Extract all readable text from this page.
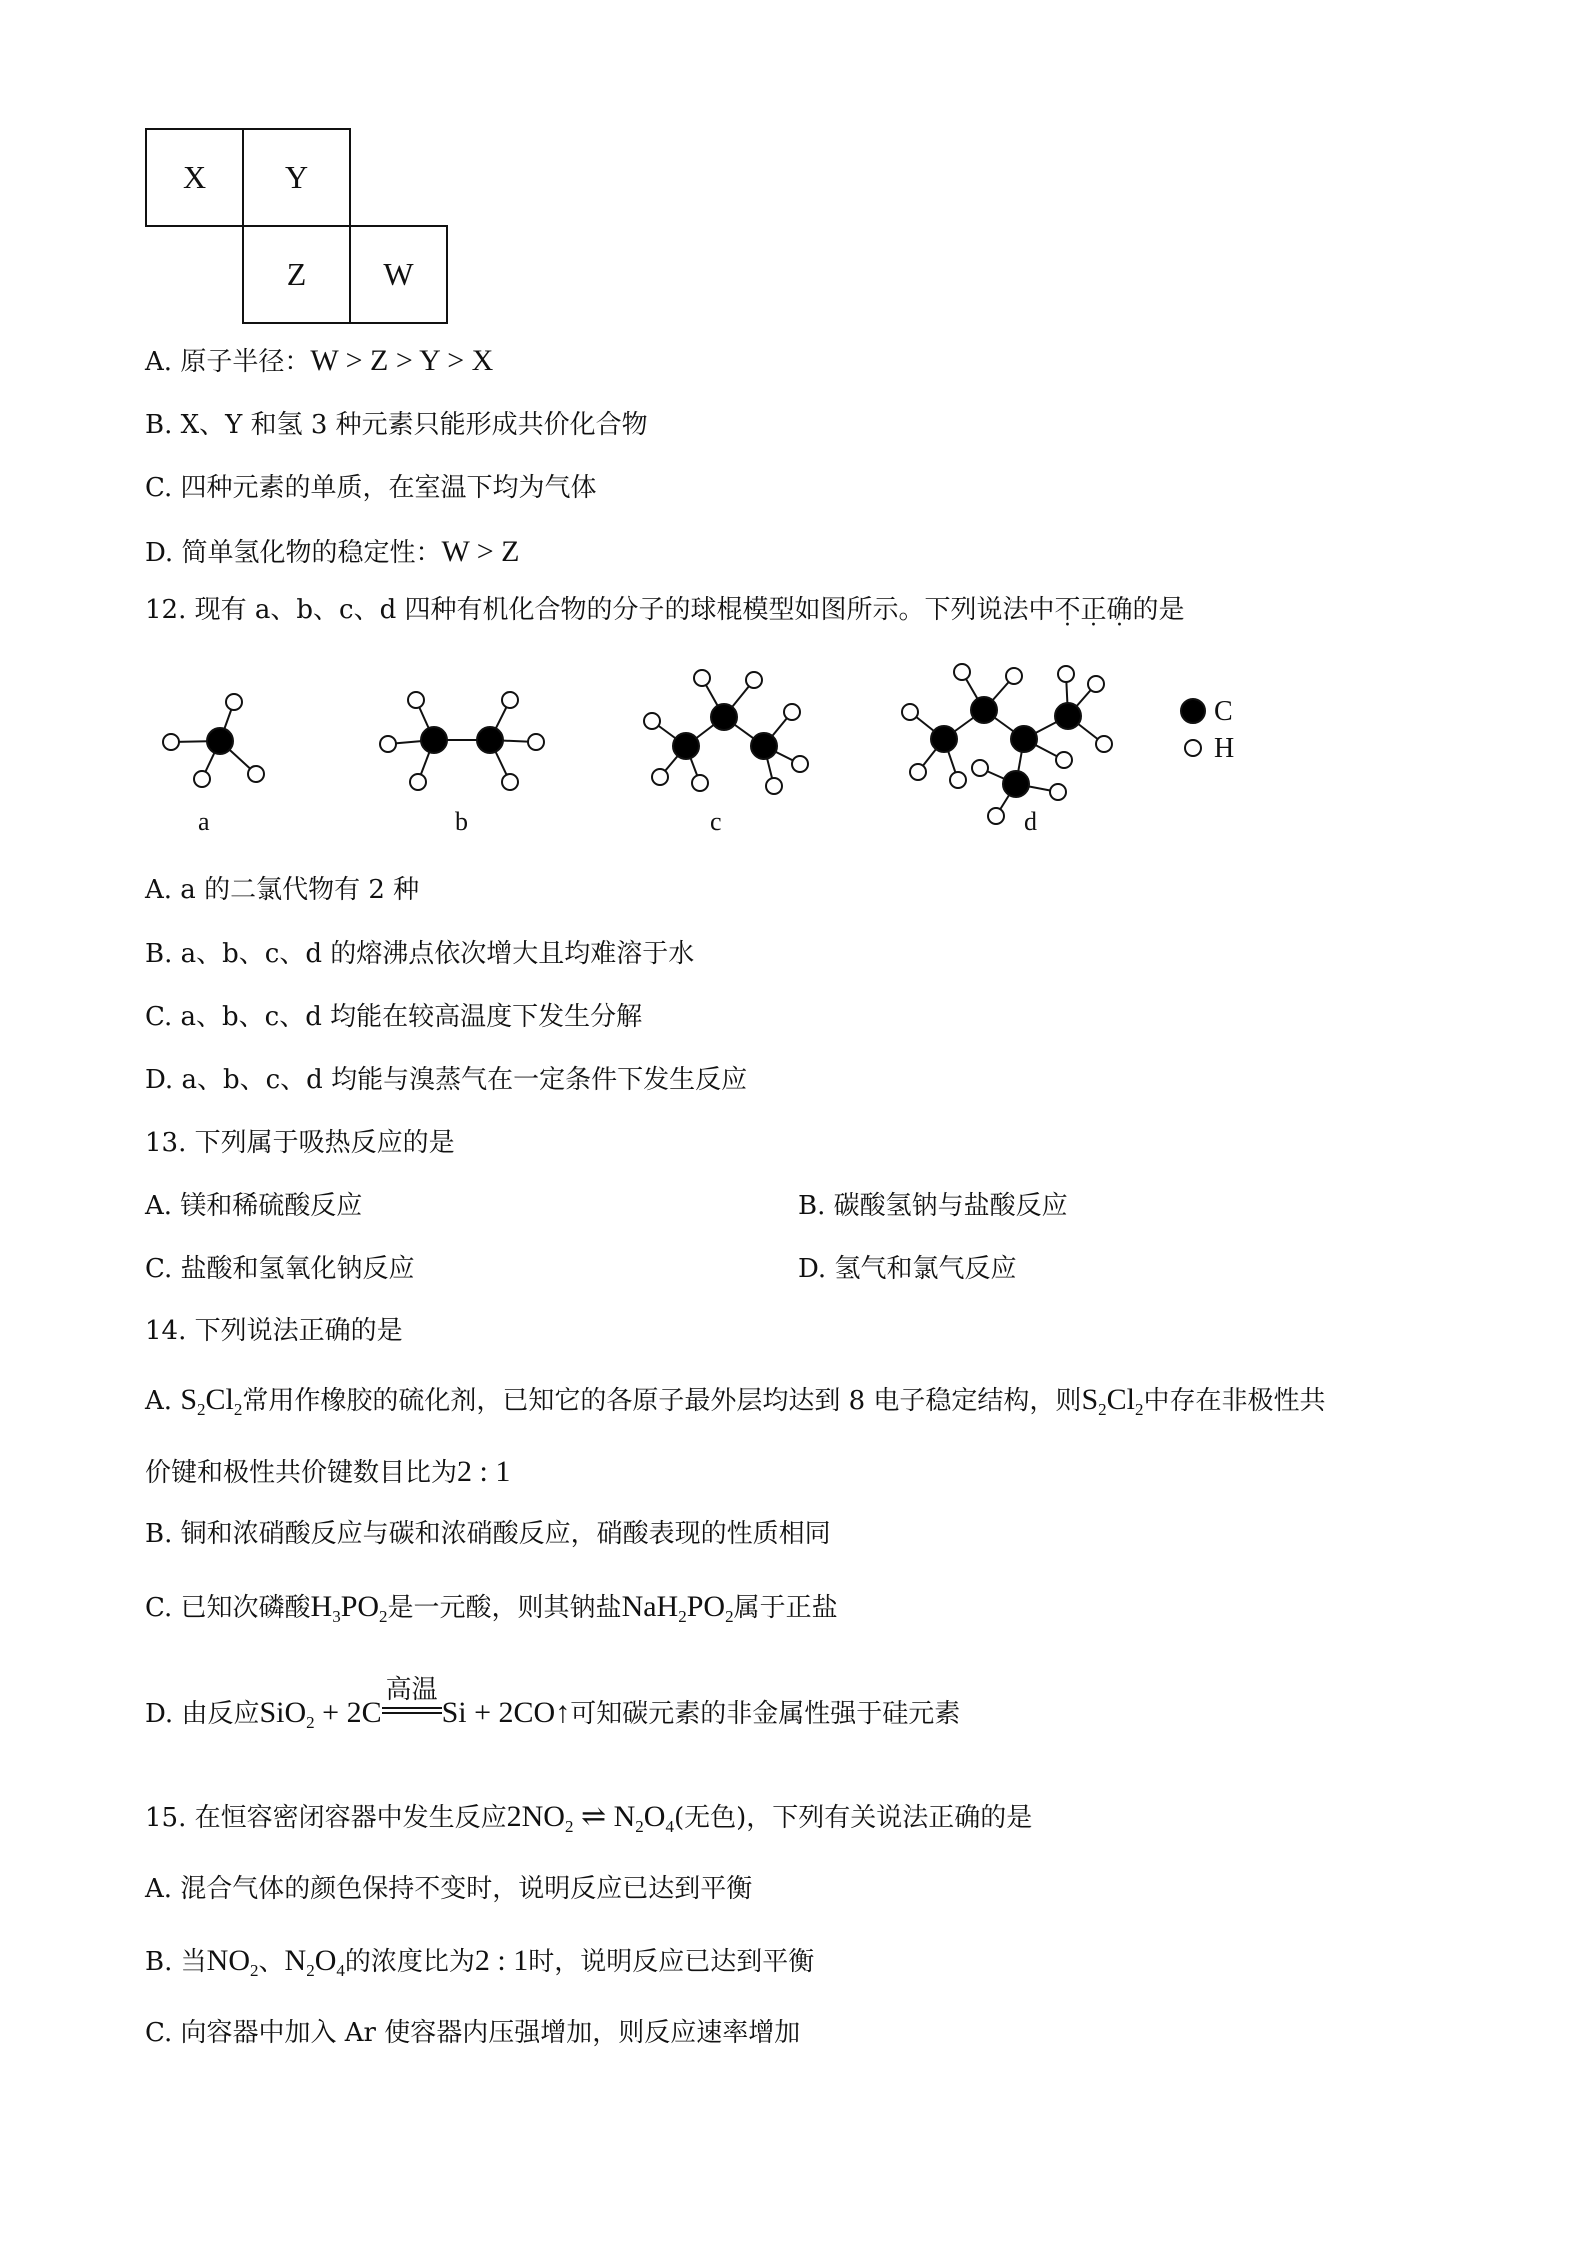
X	Y
Z	W
A. 原子半径：W > Z > Y > X
B. X、Y 和氢 3 种元素只能形成共价化合物
C. 四种元素的单质，在室温下均为气体
D. 简单氢化物的稳定性：W > Z
12. 现有 a、b、c、d 四种有机化合物的分子的球棍模型如图所示。下列说法中不正确的是
a	b	c	d
C
H
A. a 的二氯代物有 2 种
B. a、b、c、d 的熔沸点依次增大且均难溶于水
C. a、b、c、d 均能在较高温度下发生分解
D. a、b、c、d 均能与溴蒸气在一定条件下发生反应
13. 下列属于吸热反应的是
A. 镁和稀硫酸反应	B. 碳酸氢钠与盐酸反应
C. 盐酸和氢氧化钠反应	D. 氢气和氯气反应
14. 下列说法正确的是
A. $S_2Cl_2$常用作橡胶的硫化剂，已知它的各原子最外层均达到 8 电子稳定结构，则$S_2Cl_2$中存在非极性共
价键和极性共价键数目比为2 : 1
B. 铜和浓硝酸反应与碳和浓硝酸反应，硝酸表现的性质相同
C. 已知次磷酸$H_3PO_2$是一元酸，则其钠盐$NaH_2PO_2$属于正盐
D. 由反应SiO$_2$ + 2C
高温
Si + 2CO↑可知碳元素的非金属性强于硅元素
15. 在恒容密闭容器中发生反应$2NO_2$ ⇌ $N_2O_4$(无色)，下列有关说法正确的是
A. 混合气体的颜色保持不变时，说明反应已达到平衡
B. 当$NO_2$、$N_2O_4$的浓度比为2 : 1时，说明反应已达到平衡
C. 向容器中加入 Ar 使容器内压强增加，则反应速率增加
